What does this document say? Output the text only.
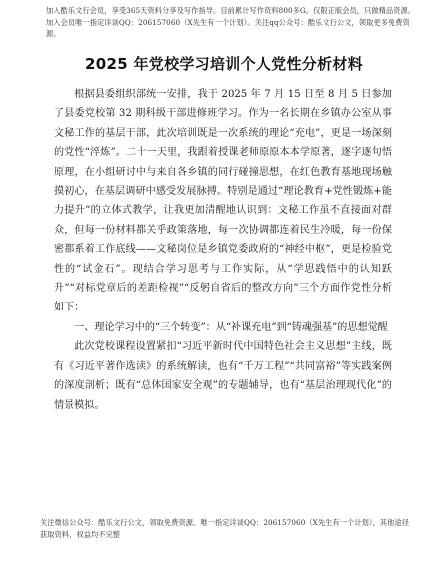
加入酷乐文行会员，享受365天资料分享及写作指导。目前累计写作资料800多G。仅限正版会员，只做精品资源。加入会员唯一指定详谈QQ：206157060（X先生有一个计划）。关注qq公众号：酷乐文行公文，领取更多免费资源。
2025 年党校学习培训个人党性分析材料

根据县委组织部统一安排，我于 2025 年 7 月 15 日至 8 月 5 日参加了县委党校第 32 期科级干部进修班学习。作为一名长期在乡镇办公室从事文秘工作的基层干部，此次培训既是一次系统的理论“充电”，更是一场深刻的党性“淬炼”。二十一天里，我跟着授课老师原原本本学原著，逐字逐句悟原理，在小组研讨中与来自各乡镇的同行碰撞思想，在红色教育基地现场触摸初心，在基层调研中感受发展脉搏。特别是通过“理论教育+党性锻炼+能力提升”的立体式教学，让我更加清醒地认识到：文秘工作虽不直接面对群众，但每一份材料都关乎政策落地，每一次协调都连着民生冷暖，每一份保密都系着工作底线——文秘岗位是乡镇党委政府的“神经中枢”，更是检验党性的“试金石”。现结合学习思考与工作实际，从“学思践悟中的认知跃升”“对标党章后的差距检视”“反躬自省后的整改方向”三个方面作党性分析如下：

一、理论学习中的“三个转变”：从“补课充电”到“铸魂强基”的思想觉醒

此次党校课程设置紧扣“习近平新时代中国特色社会主义思想”主线，既有《习近平著作选读》的系统解读，也有“千万工程”“共同富裕”等实践案例的深度剖析；既有“总体国家安全观”的专题辅导，也有“基层治理现代化”的情景模拟。

关注微信公众号：酷乐文行公文，领取免费资源。唯一指定详谈QQ：206157060（X先生有一个计划），其他途径获取资料，权益均不完整
